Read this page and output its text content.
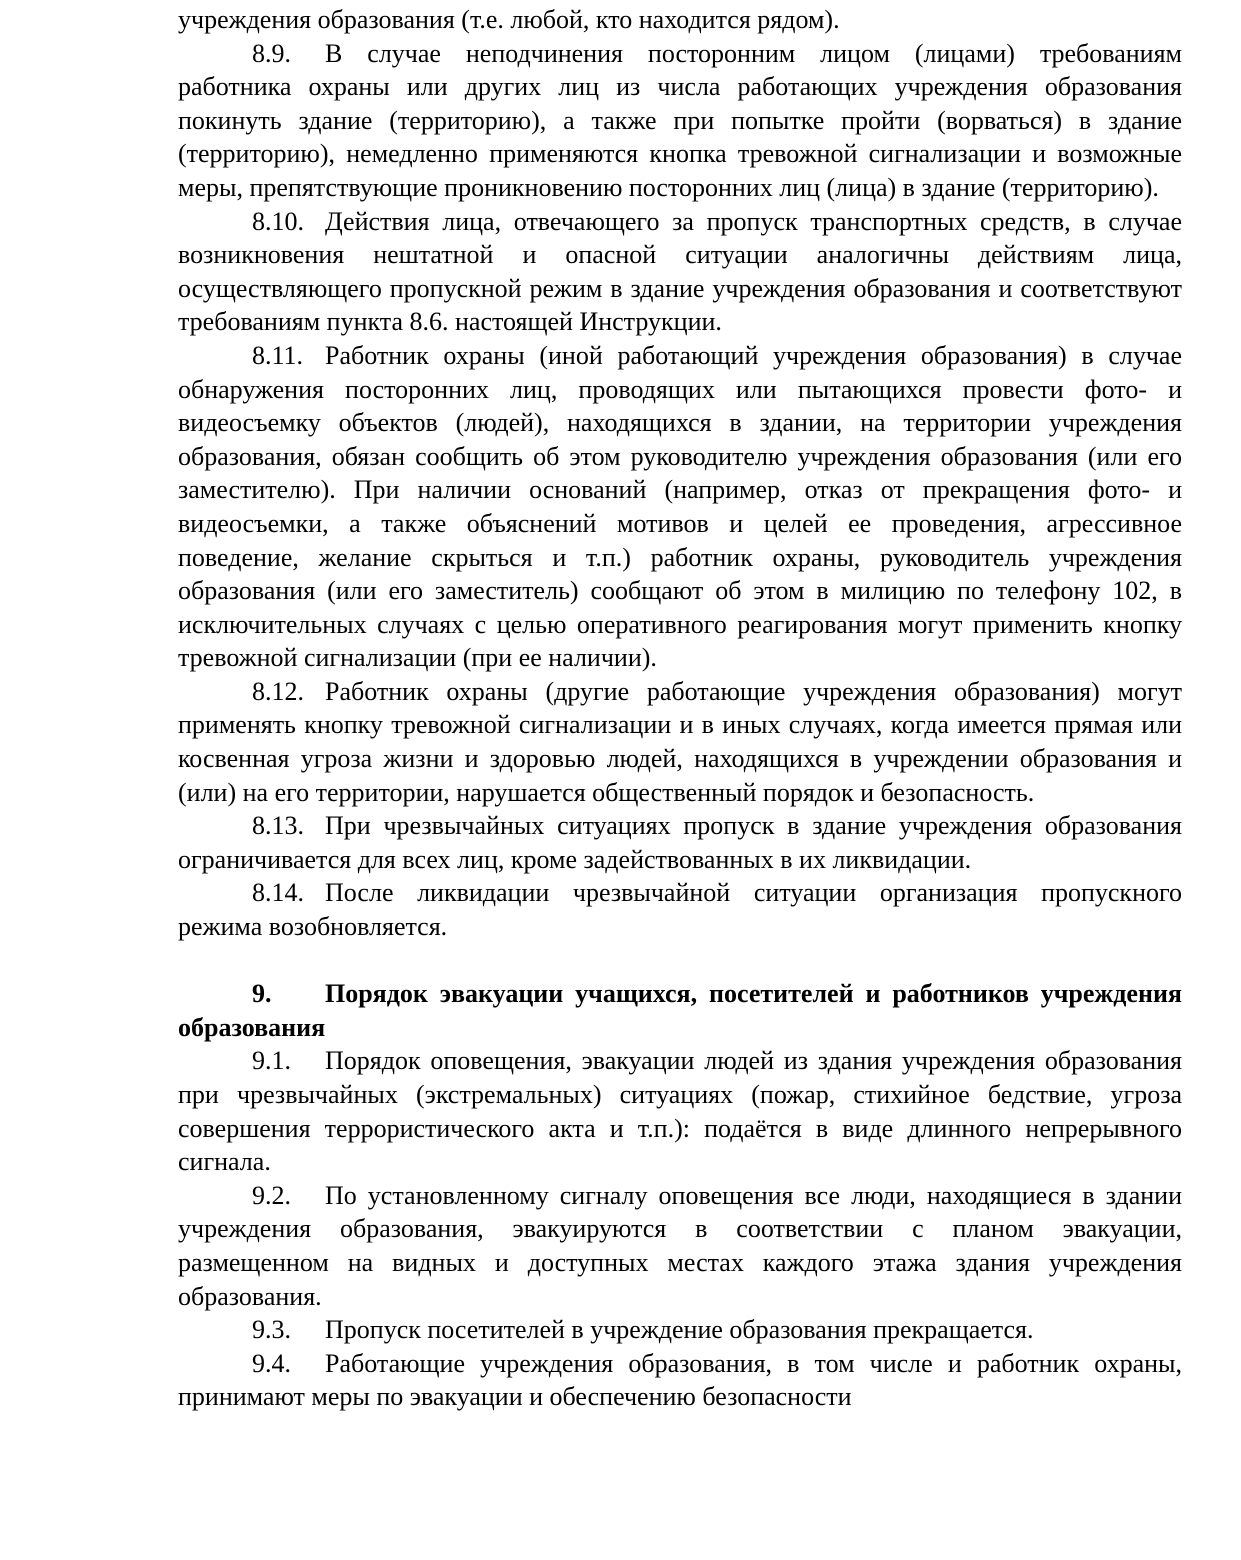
учреждения образования (т.е. любой, кто находится рядом).

8.9. В случае неподчинения посторонним лицом (лицами) требованиям работника охраны или других лиц из числа работающих учреждения образования покинуть здание (территорию), а также при попытке пройти (ворваться) в здание (территорию), немедленно применяются кнопка тревожной сигнализации и возможные меры, препятствующие проникновению посторонних лиц (лица) в здание (территорию).

8.10. Действия лица, отвечающего за пропуск транспортных средств, в случае возникновения нештатной и опасной ситуации аналогичны действиям лица, осуществляющего пропускной режим в здание учреждения образования и соответствуют требованиям пункта 8.6. настоящей Инструкции.

8.11. Работник охраны (иной работающий учреждения образования) в случае обнаружения посторонних лиц, проводящих или пытающихся провести фото- и видеосъемку объектов (людей), находящихся в здании, на территории учреждения образования, обязан сообщить об этом руководителю учреждения образования (или его заместителю). При наличии оснований (например, отказ от прекращения фото- и видеосъемки, а также объяснений мотивов и целей ее проведения, агрессивное поведение, желание скрыться и т.п.) работник охраны, руководитель учреждения образования (или его заместитель) сообщают об этом в милицию по телефону 102, в исключительных случаях с целью оперативного реагирования могут применить кнопку тревожной сигнализации (при ее наличии).

8.12. Работник охраны (другие работающие учреждения образования) могут применять кнопку тревожной сигнализации и в иных случаях, когда имеется прямая или косвенная угроза жизни и здоровью людей, находящихся в учреждении образования и (или) на его территории, нарушается общественный порядок и безопасность.

8.13. При чрезвычайных ситуациях пропуск в здание учреждения образования ограничивается для всех лиц, кроме задействованных в их ликвидации.

8.14. После ликвидации чрезвычайной ситуации организация пропускного режима возобновляется.

9. Порядок эвакуации учащихся, посетителей и работников учреждения образования

9.1. Порядок оповещения, эвакуации людей из здания учреждения образования при чрезвычайных (экстремальных) ситуациях (пожар, стихийное бедствие, угроза совершения террористического акта и т.п.): подаётся в виде длинного непрерывного сигнала.

9.2. По установленному сигналу оповещения все люди, находящиеся в здании учреждения образования, эвакуируются в соответствии с планом эвакуации, размещенном на видных и доступных местах каждого этажа здания учреждения образования.

9.3. Пропуск посетителей в учреждение образования прекращается.

9.4. Работающие учреждения образования, в том числе и работник охраны, принимают меры по эвакуации и обеспечению безопасности
